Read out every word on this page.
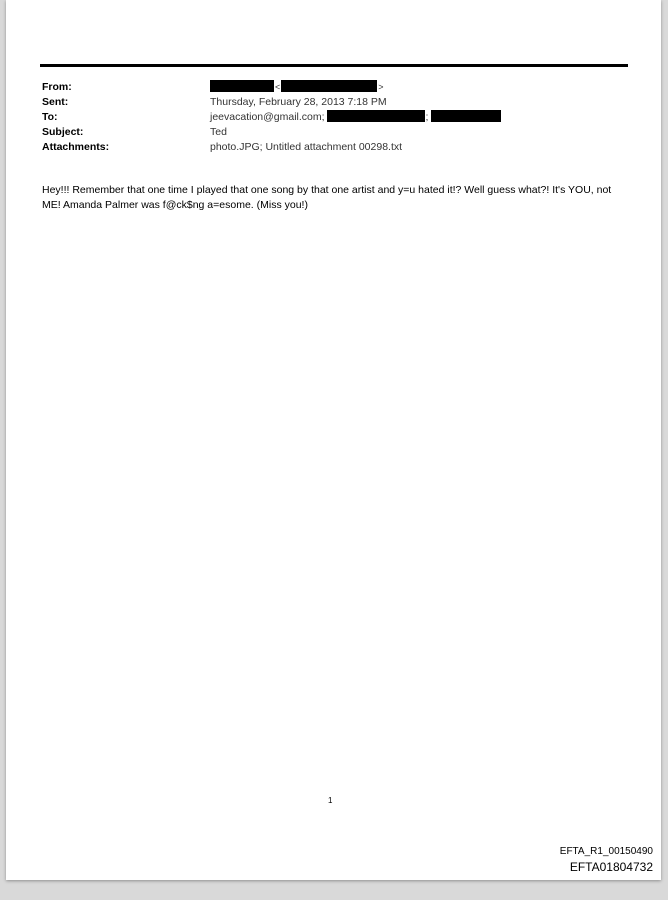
From:	<	>
Sent:	Thursday, February 28, 2013 7:18 PM
To:	jeevacation@gmail.com;	;
Subject:	Ted
Attachments:	photo.JPG; Untitled attachment 00298.txt
Hey!!! Remember that one time I played that one song by that one artist and y=u hated it!? Well guess what?! It's YOU, not ME! Amanda Palmer was f@ck$ng a=esome. (Miss you!)
1
EFTA_R1_00150490
EFTA01804732
